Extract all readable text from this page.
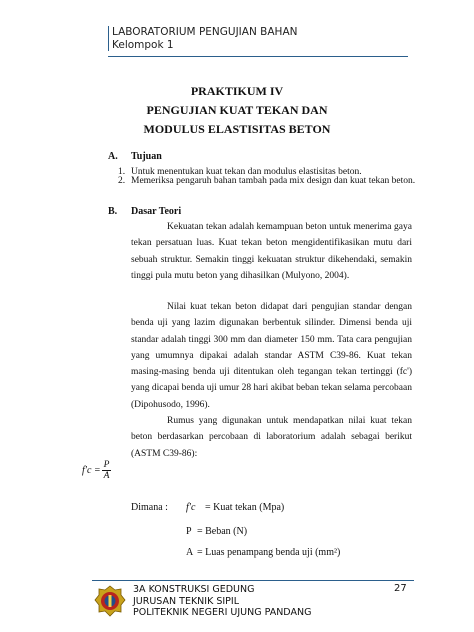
LABORATORIUM PENGUJIAN BAHAN
Kelompok 1
PRAKTIKUM IV
PENGUJIAN KUAT TEKAN DAN
MODULUS ELASTISITAS BETON
A. Tujuan
1. Untuk menentukan kuat tekan dan modulus elastisitas beton.
2. Memeriksa pengaruh bahan tambah pada mix design dan kuat tekan beton.
B. Dasar Teori

Kekuatan tekan adalah kemampuan beton untuk menerima gaya tekan persatuan luas. Kuat tekan beton mengidentifikasikan mutu dari sebuah struktur. Semakin tinggi kekuatan struktur dikehendaki, semakin tinggi pula mutu beton yang dihasilkan (Mulyono, 2004).

Nilai kuat tekan beton didapat dari pengujian standar dengan benda uji yang lazim digunakan berbentuk silinder. Dimensi benda uji standar adalah tinggi 300 mm dan diameter 150 mm. Tata cara pengujian yang umumnya dipakai adalah standar ASTM C39-86. Kuat tekan masing-masing benda uji ditentukan oleh tegangan tekan tertinggi (fc') yang dicapai benda uji umur 28 hari akibat beban tekan selama percobaan (Dipohusodo, 1996).

Rumus yang digunakan untuk mendapatkan nilai kuat tekan beton berdasarkan percobaan di laboratorium adalah sebagai berikut (ASTM C39-86):

$f'c = \frac{P}{A}$
Dimana : f′c = Kuat tekan (Mpa)
P = Beban (N)
A = Luas penampang benda uji (mm²)
3A KONSTRUKSI GEDUNG
JURUSAN TEKNIK SIPIL
POLITEKNIK NEGERI UJUNG PANDANG
27
